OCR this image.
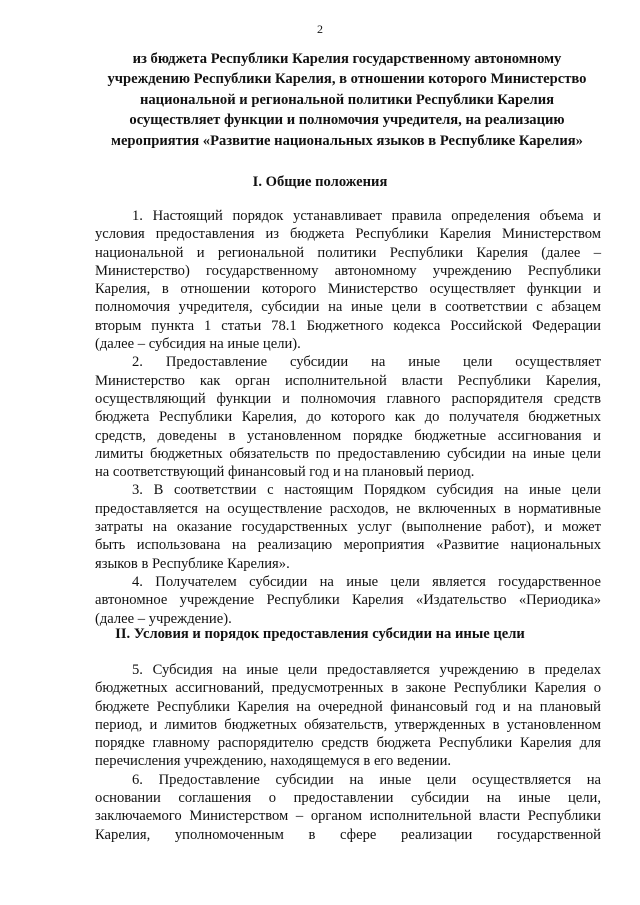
2
из бюджета Республики Карелия государственному автономному
учреждению Республики Карелия, в отношении которого Министерство
национальной и региональной политики Республики Карелия
осуществляет функции и полномочия учредителя, на реализацию
мероприятия «Развитие национальных языков в Республике Карелия»
I. Общие положения
1. Настоящий порядок устанавливает правила определения объема и
условия предоставления из бюджета Республики Карелия Министерством
национальной и региональной политики Республики Карелия (далее –
Министерство) государственному автономному учреждению Республики
Карелия, в отношении которого Министерство осуществляет функции и
полномочия учредителя, субсидии на иные цели в соответствии с абзацем
вторым пункта 1 статьи 78.1 Бюджетного кодекса Российской Федерации
(далее – субсидия на иные цели).
2. Предоставление субсидии на иные цели осуществляет
Министерство как орган исполнительной власти Республики Карелия,
осуществляющий функции и полномочия главного распорядителя средств
бюджета Республики Карелия, до которого как до получателя бюджетных
средств, доведены в установленном порядке бюджетные ассигнования и
лимиты бюджетных обязательств по предоставлению субсидии на иные цели
на соответствующий финансовый год и на плановый период.
3. В соответствии с настоящим Порядком субсидия на иные цели
предоставляется на осуществление расходов, не включенных в нормативные
затраты на оказание государственных услуг (выполнение работ), и может
быть использована на реализацию мероприятия «Развитие национальных
языков в Республике Карелия».
4. Получателем субсидии на иные цели является государственное
автономное учреждение Республики Карелия «Издательство «Периодика»
(далее – учреждение).
II. Условия и порядок предоставления субсидии на иные цели
5. Субсидия на иные цели предоставляется учреждению в пределах
бюджетных ассигнований, предусмотренных в законе Республики Карелия о
бюджете Республики Карелия на очередной финансовый год и на плановый
период, и лимитов бюджетных обязательств, утвержденных в установленном
порядке главному распорядителю средств бюджета Республики Карелия для
перечисления учреждению, находящемуся в его ведении.
6. Предоставление субсидии на иные цели осуществляется на
основании соглашения о предоставлении субсидии на иные цели,
заключаемого Министерством – органом исполнительной власти Республики
Карелия, уполномоченным в сфере реализации государственной
